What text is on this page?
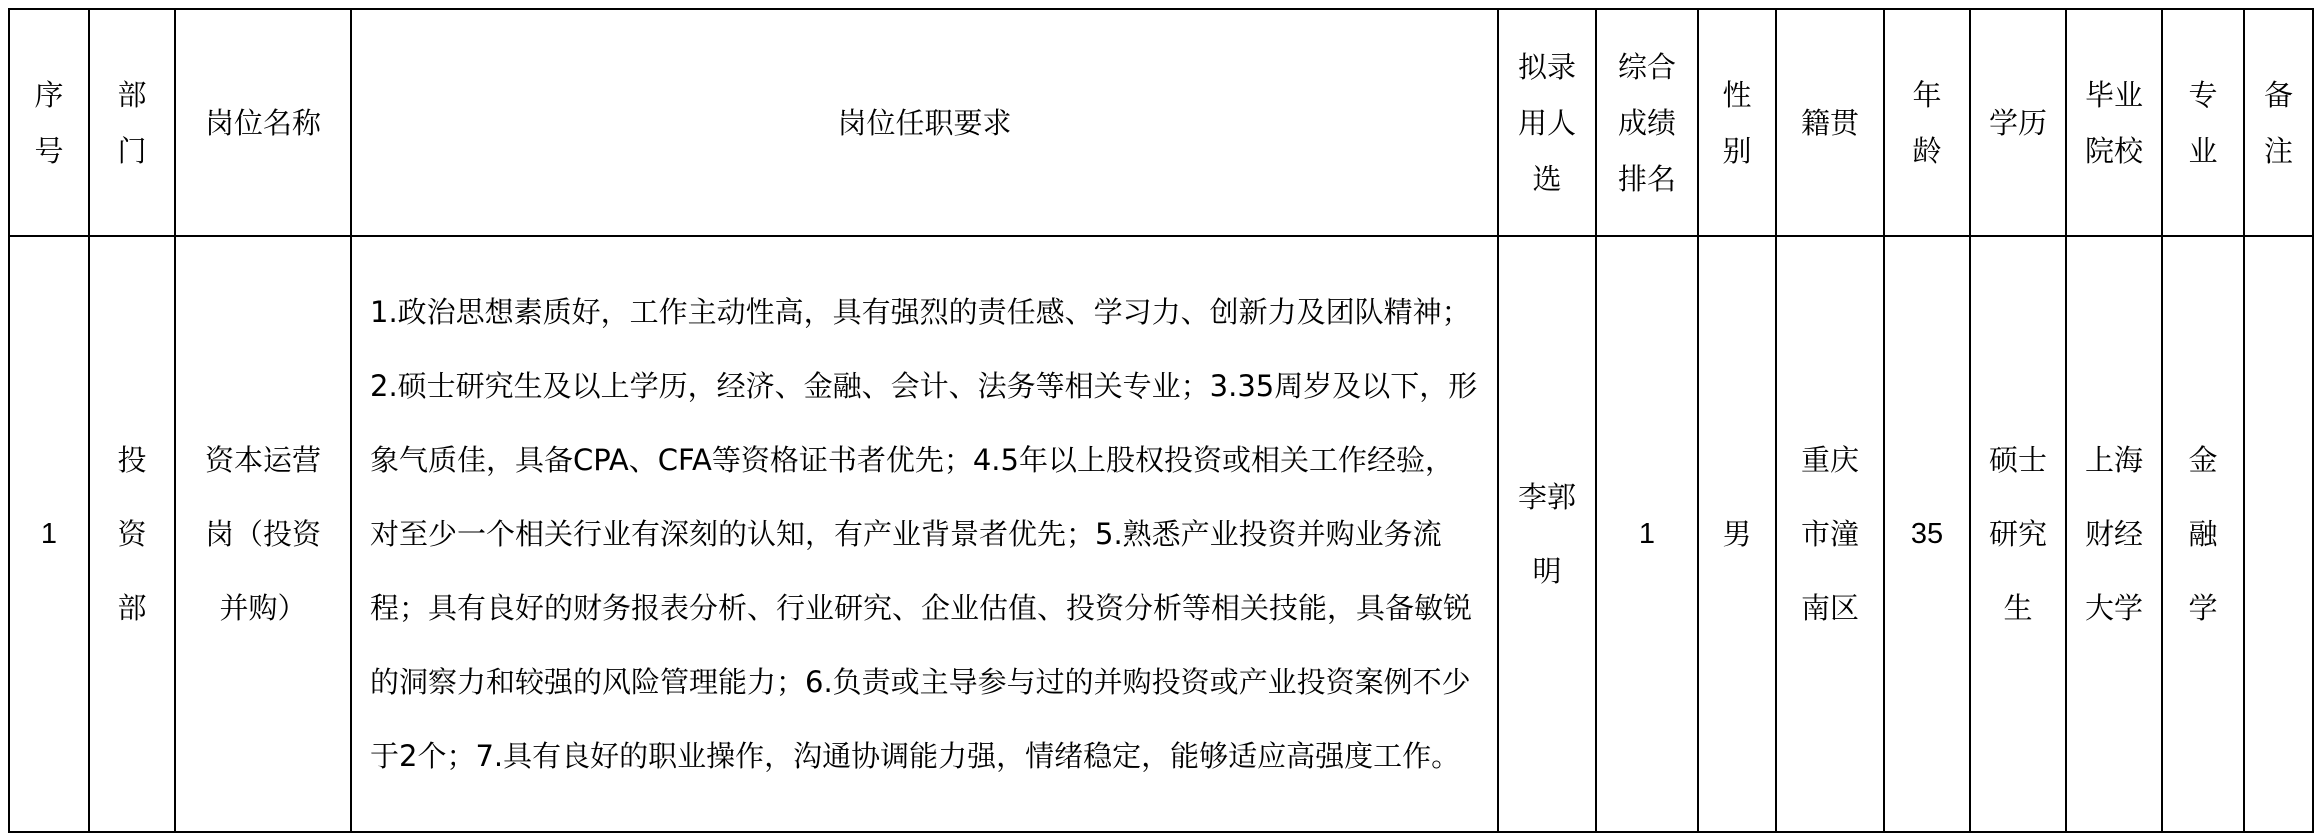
序号	部门	岗位名称	岗位任职要求	拟录用人选	综合成绩排名	性别	籍贯	年龄	学历	毕业院校	专业	备注
1	投资部	资本运营岗（投资并购）	1.政治思想素质好，工作主动性高，具有强烈的责任感、学习力、创新力及团队精神；2.硕士研究生及以上学历，经济、金融、会计、法务等相关专业；3.35周岁及以下，形象气质佳，具备CPA、CFA等资格证书者优先；4.5年以上股权投资或相关工作经验，对至少一个相关行业有深刻的认知，有产业背景者优先；5.熟悉产业投资并购业务流程；具有良好的财务报表分析、行业研究、企业估值、投资分析等相关技能，具备敏锐的洞察力和较强的风险管理能力；6.负责或主导参与过的并购投资或产业投资案例不少于2个；7.具有良好的职业操作，沟通协调能力强，情绪稳定，能够适应高强度工作。	李郭明	1	男	重庆市潼南区	35	硕士研究生	上海财经大学	金融学	
